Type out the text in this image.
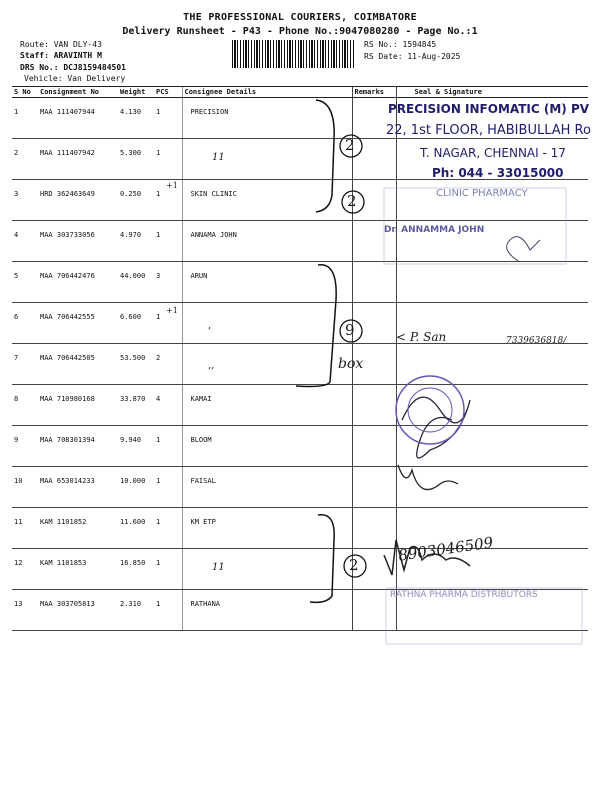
THE PROFESSIONAL COURIERS, COIMBATORE
Delivery Runsheet - P43 - Phone No.:9047080280 - Page No.:1
Route: VAN DLY-43
Staff: ARAVINTH M
DRS No.: DCJ8159484501
Vehicle: Van Delivery
RS No.: 1594845
RS Date: 11-Aug-2025
S No	Consignment No	Weight	PCS	Consignee Details	Remarks	Seal & Signature
1	MAA 111407944	4.130	1	PRECISION		
2	MAA 111407942	5.300	1			
3	HRD 362463649	0.250	1	SKIN CLINIC		
4	MAA 303733056	4.970	1	ANNAMA JOHN		
5	MAA 706442476	44.000	3	ARUN		
6	MAA 706442555	6.600	1			
7	MAA 706442505	53.500	2			
8	MAA 710980168	33.870	4	KAMAI		
9	MAA 708301394	9.940	1	BLOOM		
10	MAA 653014233	10.000	1	FAISAL		
11	KAM 1101852	11.600	1	KM ETP		
12	KAM 1101853	16.850	1			
13	MAA 303705813	2.310	1	RATHANA		
2
2
9
box
2
11
,
,,
11
+1
+1
< P. San	7339636818/
8903046509
PRECISION INFOMATIC (M) PV
22, 1st FLOOR, HABIBULLAH Ro
T. NAGAR, CHENNAI - 17
Ph: 044 - 33015000
CLINIC PHARMACY
Dr. ANNAMMA JOHN
RATHNA PHARMA DISTRIBUTORS
